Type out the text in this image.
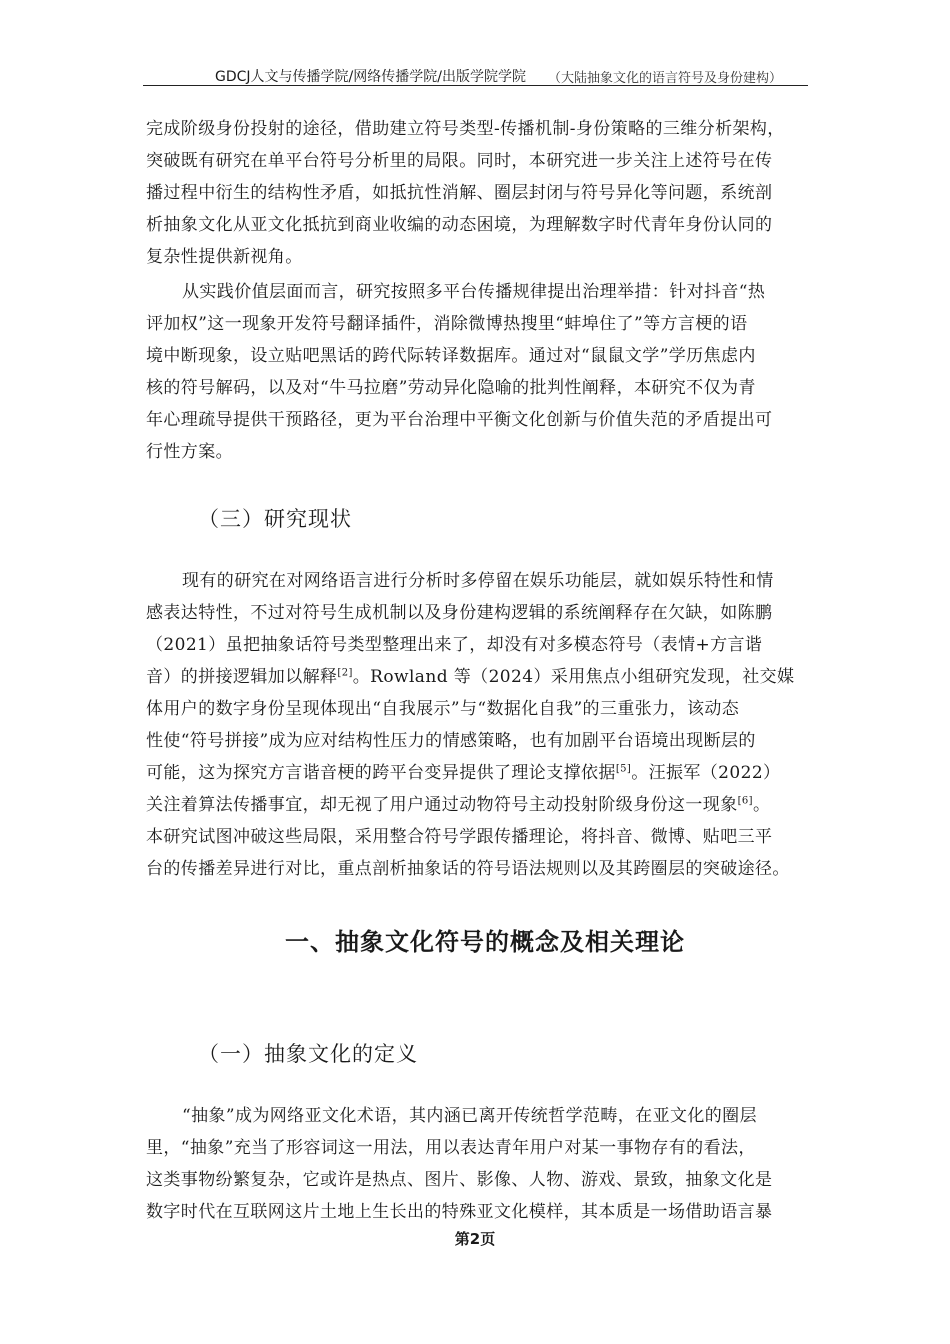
GDCJ人文与传播学院/网络传播学院/出版学院学院 （大陆抽象文化的语言符号及身份建构）

完成阶级身份投射的途径，借助建立符号类型-传播机制-身份策略的三维分析架构，
突破既有研究在单平台符号分析里的局限。同时，本研究进一步关注上述符号在传
播过程中衍生的结构性矛盾，如抵抗性消解、圈层封闭与符号异化等问题，系统剖
析抽象文化从亚文化抵抗到商业收编的动态困境，为理解数字时代青年身份认同的
复杂性提供新视角。

从实践价值层面而言，研究按照多平台传播规律提出治理举措：针对抖音“热
评加权”这一现象开发符号翻译插件，消除微博热搜里“蚌埠住了”等方言梗的语
境中断现象，设立贴吧黑话的跨代际转译数据库。通过对“鼠鼠文学”学历焦虑内
核的符号解码，以及对“牛马拉磨”劳动异化隐喻的批判性阐释，本研究不仅为青
年心理疏导提供干预路径，更为平台治理中平衡文化创新与价值失范的矛盾提出可
行性方案。

（三）研究现状

现有的研究在对网络语言进行分析时多停留在娱乐功能层，就如娱乐特性和情
感表达特性，不过对符号生成机制以及身份建构逻辑的系统阐释存在欠缺，如陈鹏
（2021）虽把抽象话符号类型整理出来了，却没有对多模态符号（表情+方言谐
音）的拼接逻辑加以解释[2]。Rowland 等（2024）采用焦点小组研究发现，社交媒
体用户的数字身份呈现体现出“自我展示”与“数据化自我”的三重张力，该动态
性使“符号拼接”成为应对结构性压力的情感策略，也有加剧平台语境出现断层的
可能，这为探究方言谐音梗的跨平台变异提供了理论支撑依据[5]。汪振军（2022）
关注着算法传播事宜，却无视了用户通过动物符号主动投射阶级身份这一现象[6]。
本研究试图冲破这些局限，采用整合符号学跟传播理论，将抖音、微博、贴吧三平
台的传播差异进行对比，重点剖析抽象话的符号语法规则以及其跨圈层的突破途径。

一、抽象文化符号的概念及相关理论
（一）抽象文化的定义

“抽象”成为网络亚文化术语，其内涵已离开传统哲学范畴，在亚文化的圈层
里，“抽象”充当了形容词这一用法，用以表达青年用户对某一事物存有的看法，
这类事物纷繁复杂，它或许是热点、图片、影像、人物、游戏、景致，抽象文化是
数字时代在互联网这片土地上生长出的特殊亚文化模样，其本质是一场借助语言暴

第2页
